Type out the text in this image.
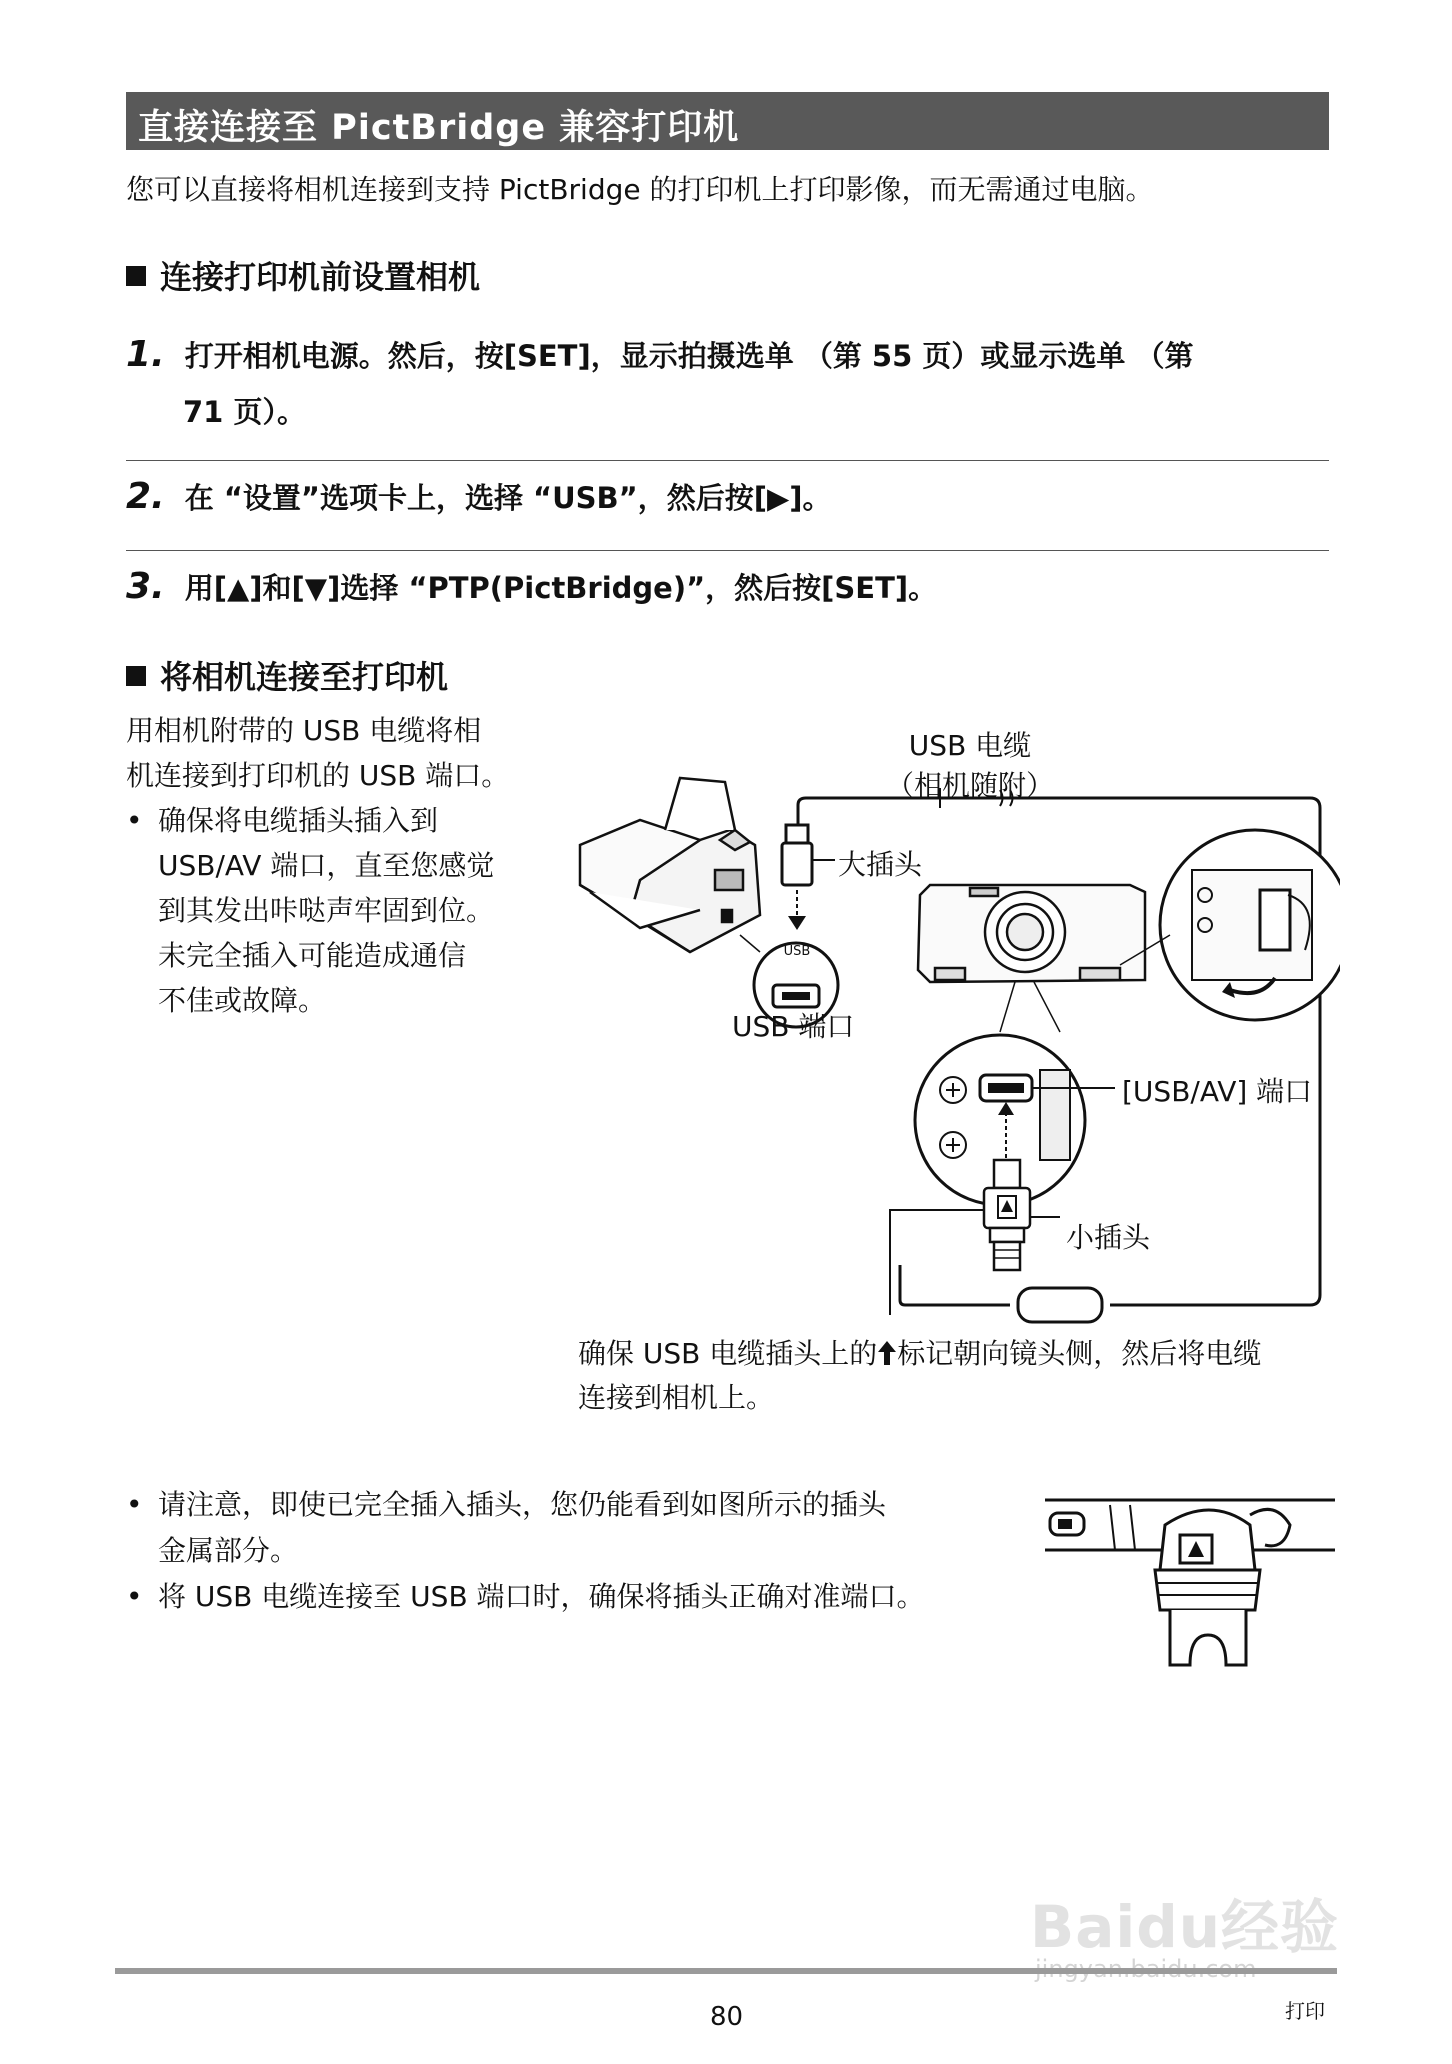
直接连接至 PictBridge 兼容打印机
您可以直接将相机连接到支持 PictBridge 的打印机上打印影像，而无需通过电脑。
连接打印机前设置相机
1. 打开相机电源。然后，按[SET]，显示拍摄选单 （第 55 页）或显示选单 （第
71 页）。
2. 在 “设置”选项卡上，选择 “USB”，然后按[▶]。
3. 用[▲]和[▼]选择 “PTP(PictBridge)”，然后按[SET]。
将相机连接至打印机
用相机附带的 USB 电缆将相
机连接到打印机的 USB 端口。
• 确保将电缆插头插入到
USB/AV 端口，直至您感觉
到其发出咔哒声牢固到位。
未完全插入可能造成通信
不佳或故障。
USB 电缆
（相机随附）
大插头
USB
USB 端口
[USB/AV] 端口
小插头
确保 USB 电缆插头上的 标记朝向镜头侧，然后将电缆
连接到相机上。
• 请注意，即使已完全插入插头，您仍能看到如图所示的插头
金属部分。
• 将 USB 电缆连接至 USB 端口时，确保将插头正确对准端口。
Baidu经验
80	打印
